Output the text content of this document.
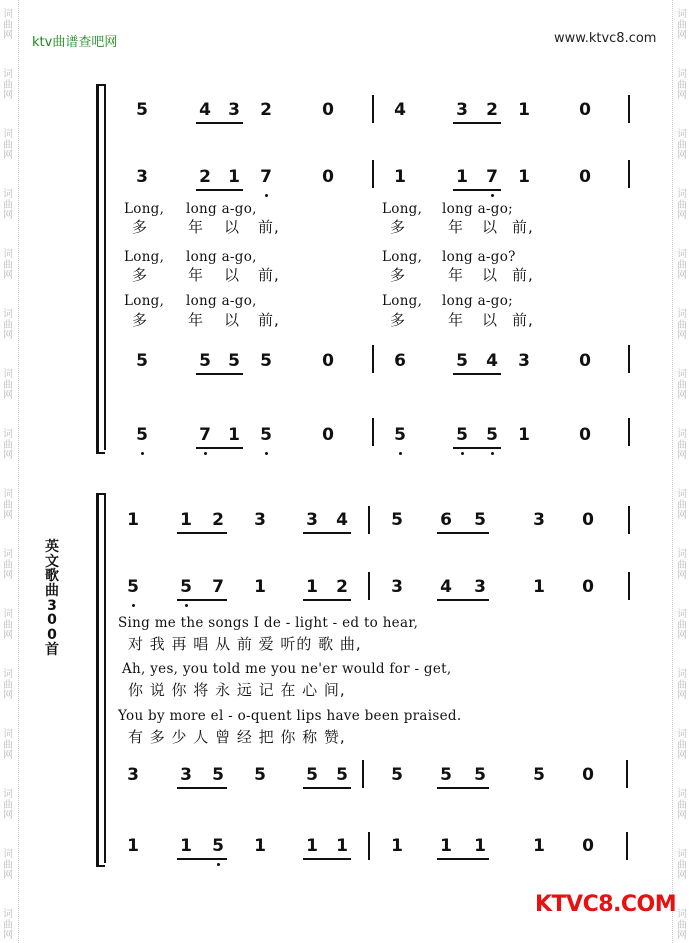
ktv曲谱查吧网	www.ktvc8.com
词
曲
网
词
曲
网
词
曲
网
词
曲
网
词
曲
网
词
曲
网
词
曲
网
词
曲
网
词
曲
网
词
曲
网
词
曲
网
词
曲
网
词
曲
网
词
曲
网
词
曲
网
词
曲
网
词
曲
网
词
曲
网
词
曲
网
词
曲
网
词
曲
网
词
曲
网
词
曲
网
词
曲
网
词
曲
网
词
曲
网
词
曲
网
词
曲
网
词
曲
网
词
曲
网
词
曲
网
词
曲
网
英
文
歌
曲
3
0
0
首
5	4 3 2	0	4	3 2 1	0
3	2 1 7	0	1	1 7 1	0
5	5 5 5	0	6	5 4 3	0
5	7 1 5	0	5	5 5 1	0
1 1 2 3 3 4	5 6 5	3 0
5 5 7 1 1 2	3 4 3	1 0
3 3 5 5 5 5	5 5 5	5 0
1 1 5 1 1 1	1 1 1	1 0
Long, long a-go,	Long, long a-go;
Long, long a-go,	Long, long a-go?
Long, long a-go,	Long, long a-go;
多	年 以 前,	多	年 以 前,
多	年 以 前,	多	年 以 前,
多	年 以 前,	多	年 以 前,
Sing me the songs I de - light - ed to hear,
对 我 再 唱 从 前 爱 听的 歌 曲,
Ah, yes, you told me you ne'er would for - get,
你 说 你 将 永 远 记 在 心 间,
You by more el - o-quent lips have been praised.
有 多 少 人 曾 经 把 你 称 赞,
KTVC8.COM
